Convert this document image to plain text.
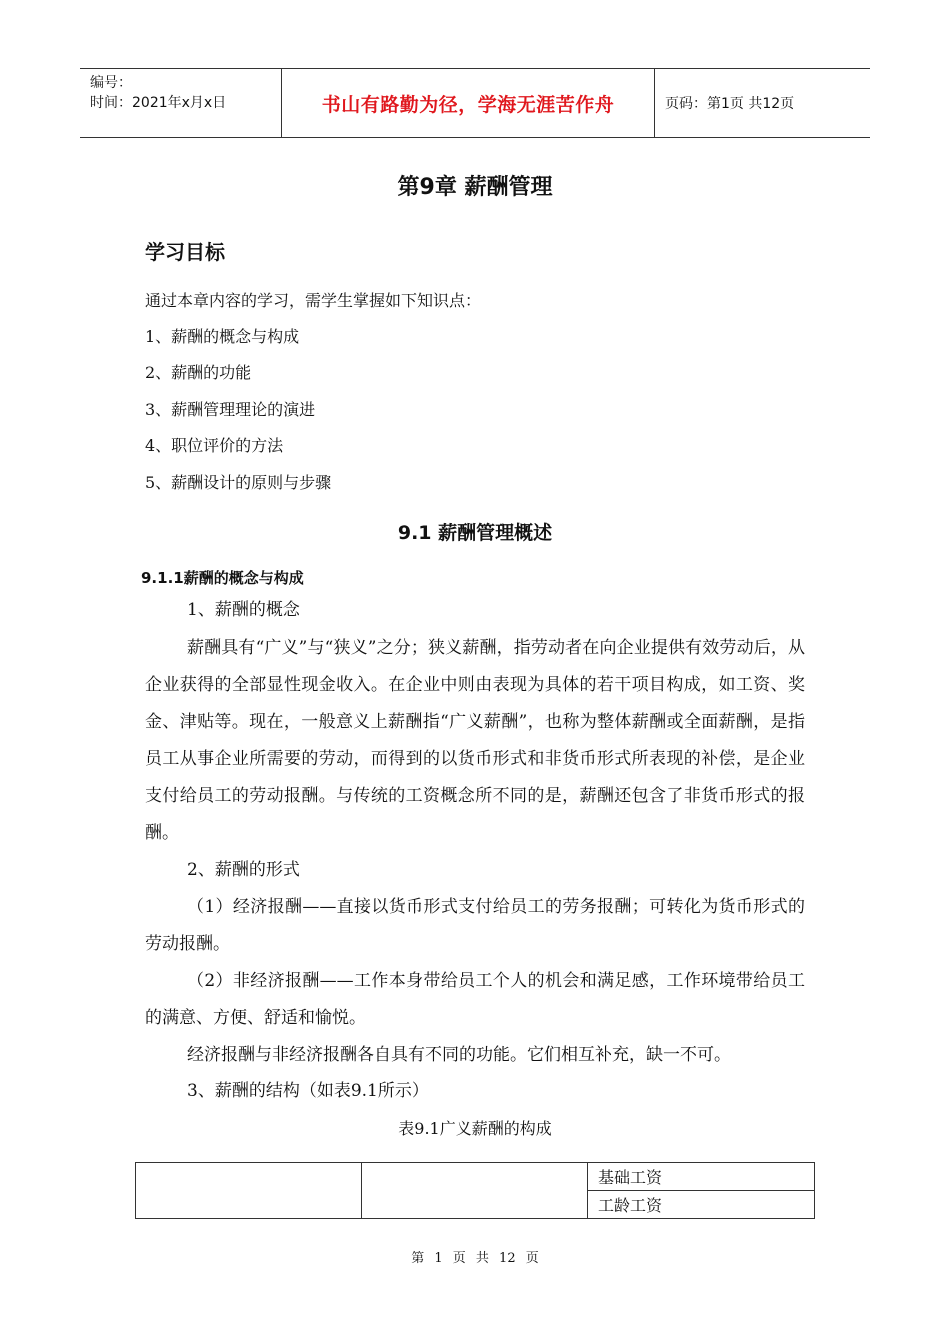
编号：
时间：2021年x月x日	书山有路勤为径，学海无涯苦作舟	页码：第1页 共12页
第9章 薪酬管理
学习目标
通过本章内容的学习，需学生掌握如下知识点：
1、薪酬的概念与构成
2、薪酬的功能
3、薪酬管理理论的演进
4、职位评价的方法
5、薪酬设计的原则与步骤
9.1 薪酬管理概述
9.1.1薪酬的概念与构成
1、薪酬的概念
薪酬具有“广义”与“狭义”之分；狭义薪酬，指劳动者在向企业提供有效劳动后，从企业获得的全部显性现金收入。在企业中则由表现为具体的若干项目构成，如工资、奖金、津贴等。现在，一般意义上薪酬指“广义薪酬”，也称为整体薪酬或全面薪酬，是指员工从事企业所需要的劳动，而得到的以货币形式和非货币形式所表现的补偿，是企业支付给员工的劳动报酬。与传统的工资概念所不同的是，薪酬还包含了非货币形式的报酬。
2、薪酬的形式
（1）经济报酬——直接以货币形式支付给员工的劳务报酬；可转化为货币形式的劳动报酬。
（2）非经济报酬——工作本身带给员工个人的机会和满足感，工作环境带给员工的满意、方便、舒适和愉悦。
经济报酬与非经济报酬各自具有不同的功能。它们相互补充，缺一不可。
3、薪酬的结构（如表9.1所示）
表9.1广义薪酬的构成
基础工资
工龄工资
第 1 页 共 12 页
